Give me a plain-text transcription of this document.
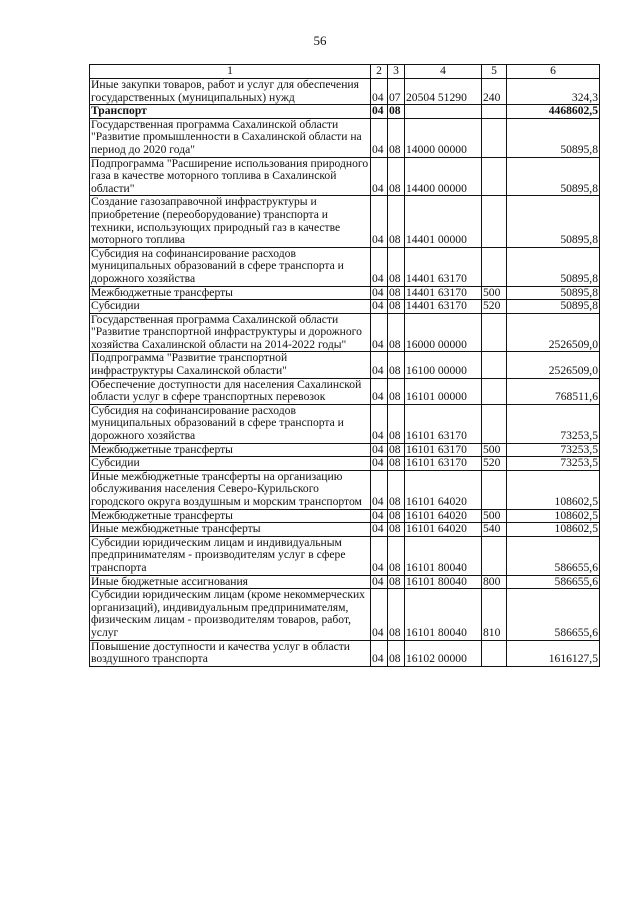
56
1	2	3	4	5	6
Иные закупки товаров, работ и услуг для обеспечения государственных (муниципальных) нужд	04	07	20504 51290	240	324,3
Транспорт	04	08			4468602,5
Государственная программа Сахалинской области "Развитие промышленности в Сахалинской области на период до 2020 года"	04	08	14000 00000		50895,8
Подпрограмма "Расширение использования природного газа в качестве моторного топлива в Сахалинской области"	04	08	14400 00000		50895,8
Создание газозаправочной инфраструктуры и приобретение (переоборудование) транспорта и техники, использующих природный газ в качестве моторного топлива	04	08	14401 00000		50895,8
Субсидия на софинансирование расходов муниципальных образований в сфере транспорта и дорожного хозяйства	04	08	14401 63170		50895,8
Межбюджетные трансферты	04	08	14401 63170	500	50895,8
Субсидии	04	08	14401 63170	520	50895,8
Государственная программа Сахалинской области "Развитие транспортной инфраструктуры и дорожного хозяйства Сахалинской области на 2014-2022 годы"	04	08	16000 00000		2526509,0
Подпрограмма "Развитие транспортной инфраструктуры Сахалинской области"	04	08	16100 00000		2526509,0
Обеспечение доступности для населения Сахалинской области услуг в сфере транспортных перевозок	04	08	16101 00000		768511,6
Субсидия на софинансирование расходов муниципальных образований в сфере транспорта и дорожного хозяйства	04	08	16101 63170		73253,5
Межбюджетные трансферты	04	08	16101 63170	500	73253,5
Субсидии	04	08	16101 63170	520	73253,5
Иные межбюджетные трансферты на организацию обслуживания населения Северо-Курильского городского округа воздушным и морским транспортом	04	08	16101 64020		108602,5
Межбюджетные трансферты	04	08	16101 64020	500	108602,5
Иные межбюджетные трансферты	04	08	16101 64020	540	108602,5
Субсидии юридическим лицам и индивидуальным предпринимателям - производителям услуг в сфере транспорта	04	08	16101 80040		586655,6
Иные бюджетные ассигнования	04	08	16101 80040	800	586655,6
Субсидии юридическим лицам (кроме некоммерческих организаций), индивидуальным предпринимателям, физическим лицам - производителям товаров, работ, услуг	04	08	16101 80040	810	586655,6
Повышение доступности и качества услуг в области воздушного транспорта	04	08	16102 00000		1616127,5
